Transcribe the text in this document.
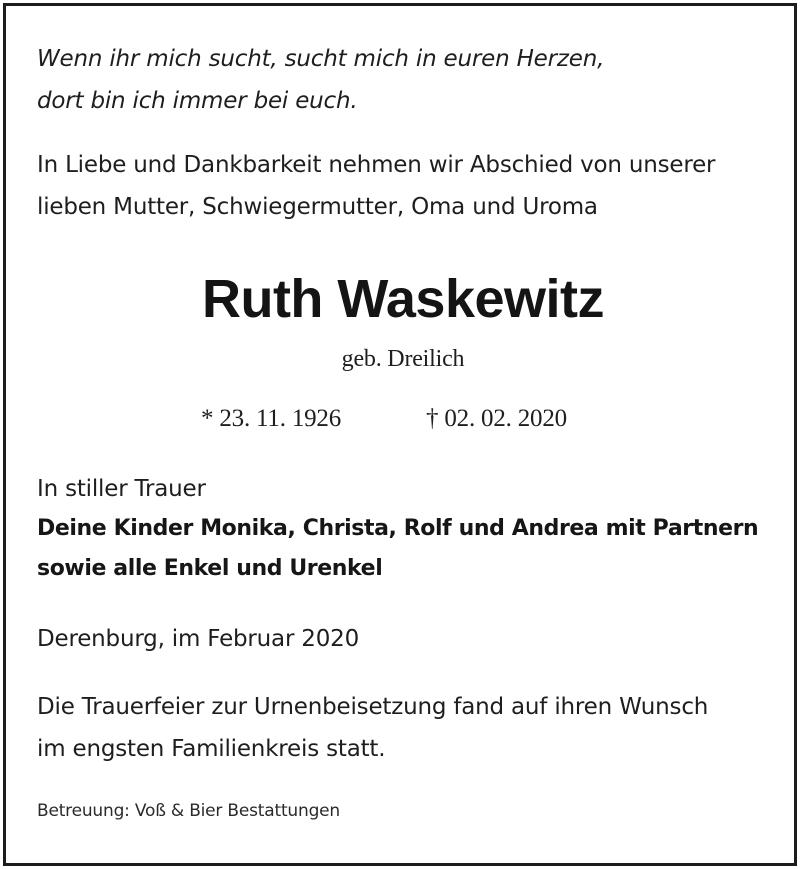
Wenn ihr mich sucht, sucht mich in euren Herzen,

dort bin ich immer bei euch.

In Liebe und Dankbarkeit nehmen wir Abschied von unserer

lieben Mutter, Schwiegermutter, Oma und Uroma

Ruth Waskewitz

geb. Dreilich

* 23. 11. 1926	† 02. 02. 2020

In stiller Trauer

Deine Kinder Monika, Christa, Rolf und Andrea mit Partnern

sowie alle Enkel und Urenkel

Derenburg, im Februar 2020

Die Trauerfeier zur Urnenbeisetzung fand auf ihren Wunsch

im engsten Familienkreis statt.

Betreuung: Voß & Bier Bestattungen
